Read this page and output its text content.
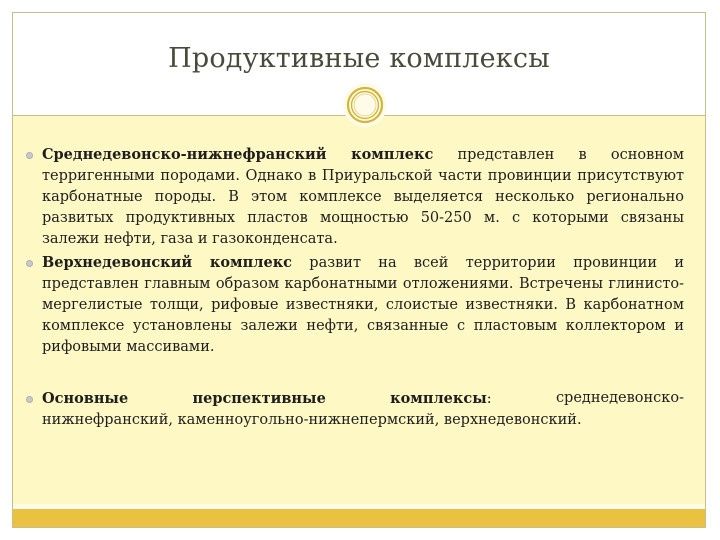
Продуктивные комплексы
Среднедевонско-нижнефранский комплекс представлен в основном терригенными породами. Однако в Приуральской части провинции присутствуют карбонатные породы. В этом комплексе выделяется несколько регионально развитых продуктивных пластов мощностью 50-250 м. с которыми связаны залежи нефти, газа и газоконденсата.
Верхнедевонский комплекс развит на всей территории провинции и представлен главным образом карбонатными отложениями. Встречены глинисто-мергелистые толщи, рифовые известняки, слоистые известняки. В карбонатном комплексе установлены залежи нефти, связанные с пластовым коллектором и рифовыми массивами.
Основные	перспективные	комплексы:	среднедевонско-
нижнефранский, каменноугольно-нижнепермский, верхнедевонский.
